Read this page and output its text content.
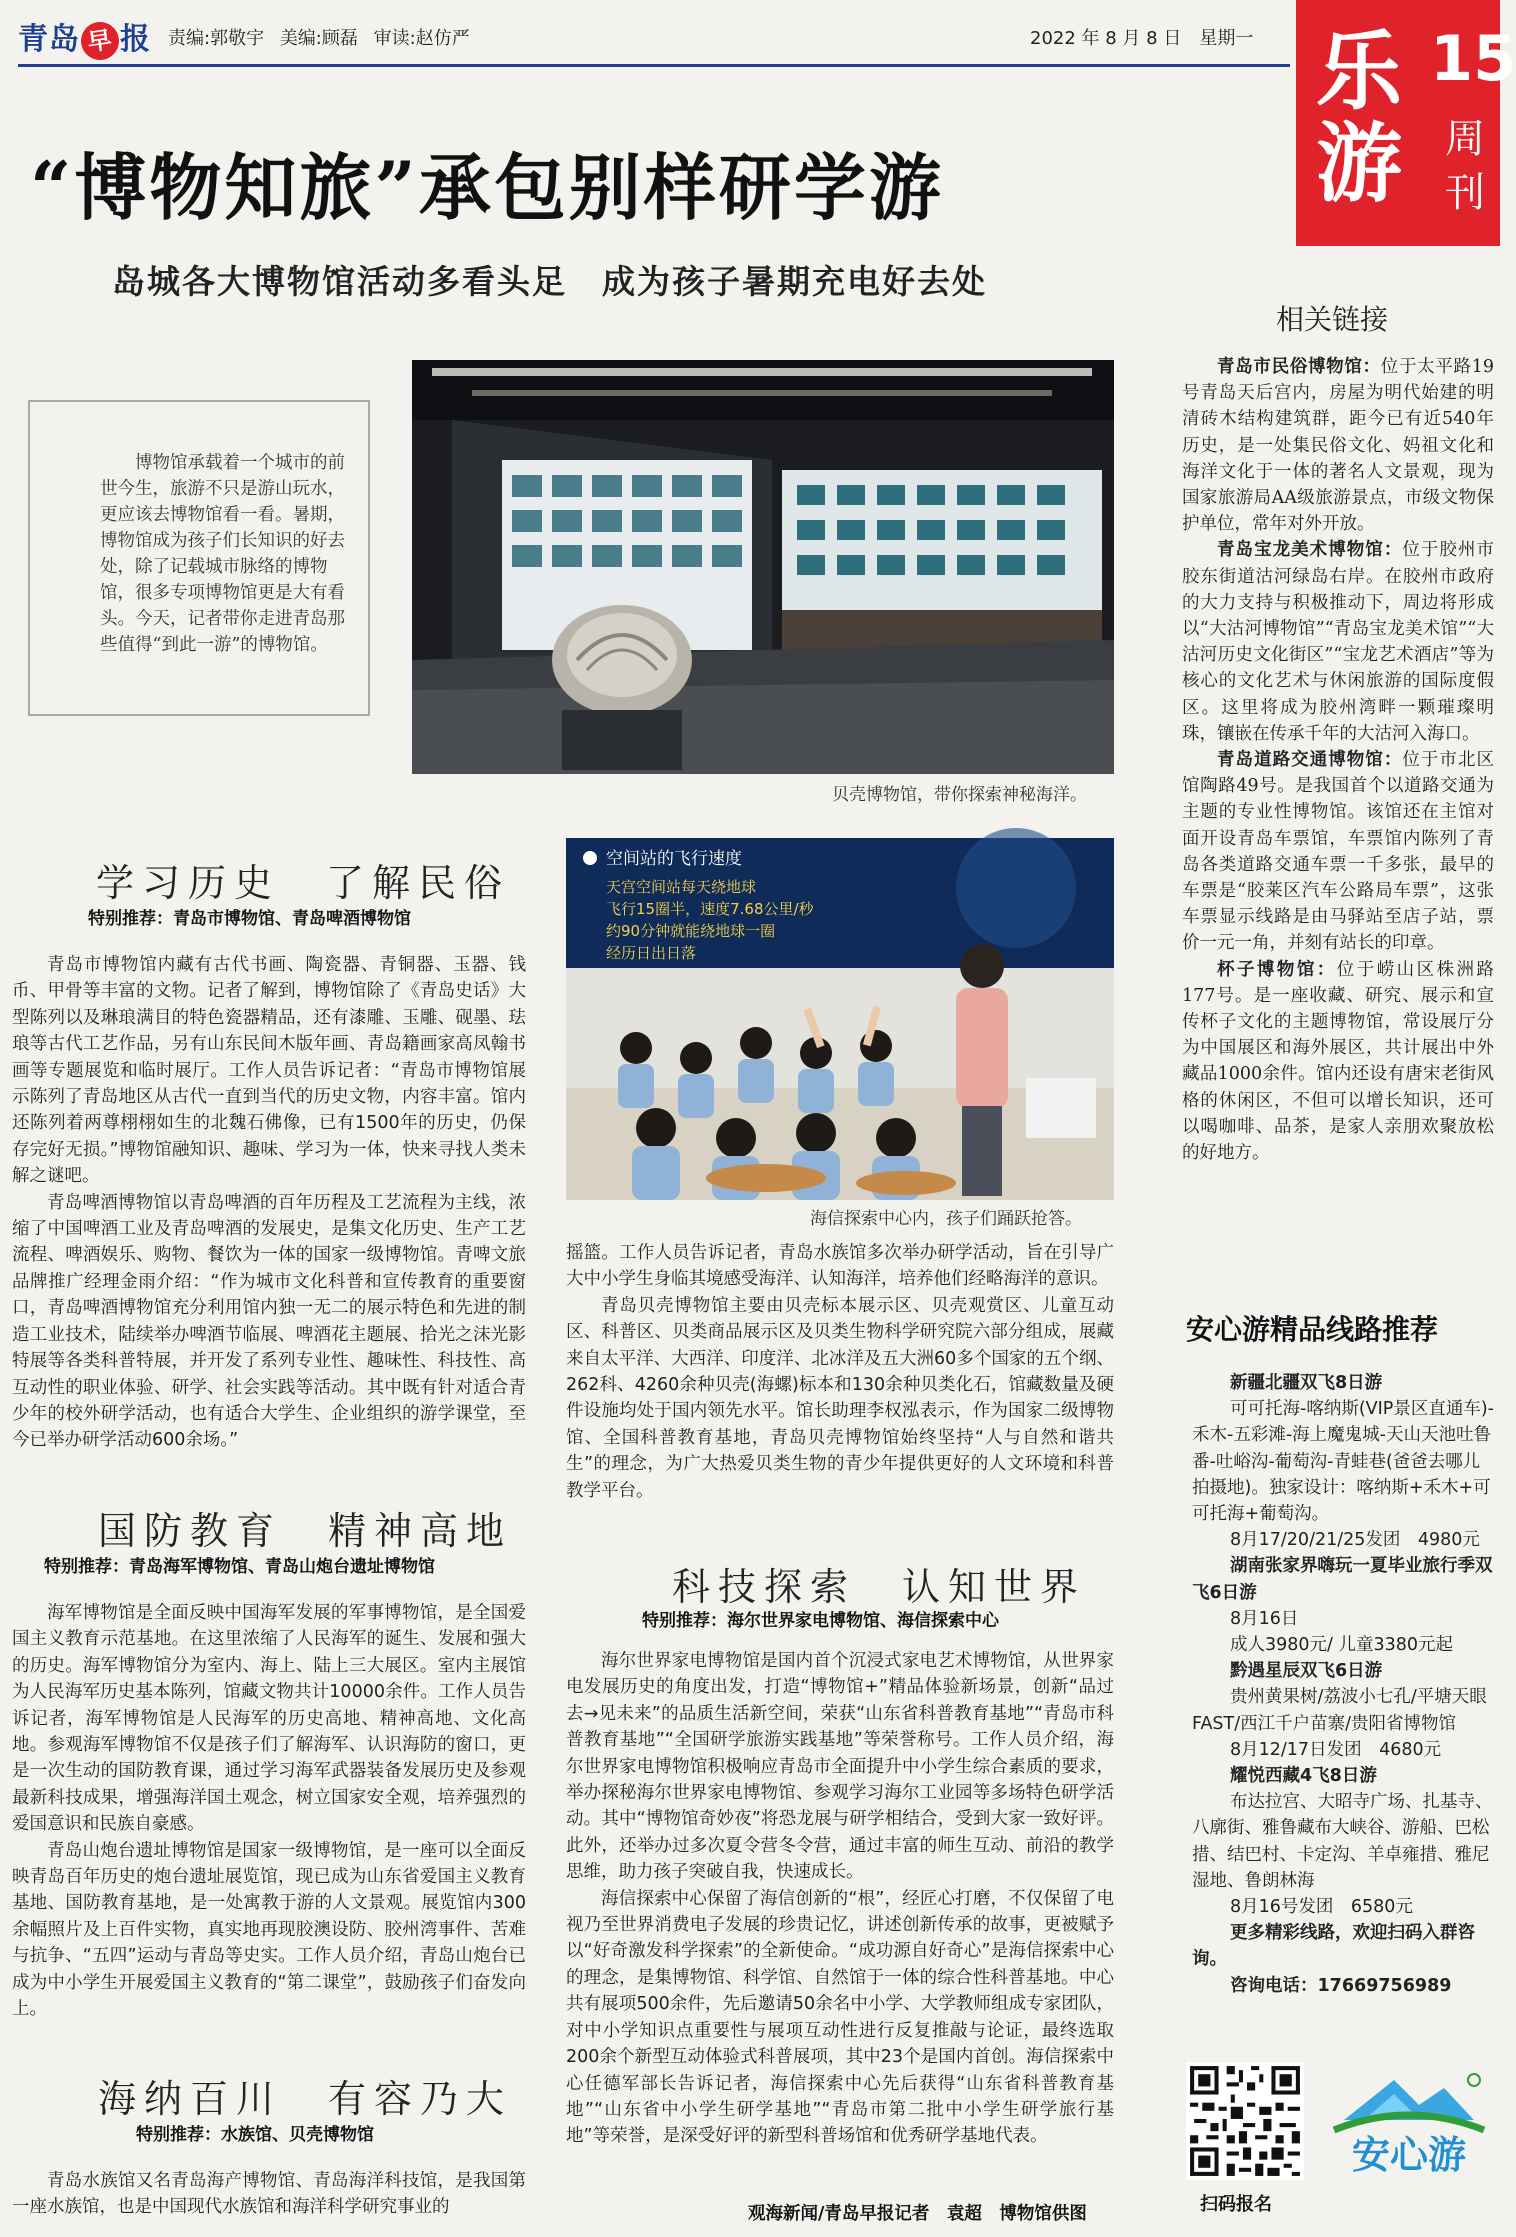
青岛 早 报 责编:郭敬宇 美编:顾磊 审读:赵仿严	2022 年 8 月 8 日　星期一 乐游
15
周刊
“博物知旅”承包别样研学游
岛城各大博物馆活动多看头足　成为孩子暑期充电好去处

博物馆承载着一个城市的前世今生，旅游不只是游山玩水，更应该去博物馆看一看。暑期，博物馆成为孩子们长知识的好去处，除了记载城市脉络的博物馆，很多专项博物馆更是大有看头。今天，记者带你走进青岛那些值得“到此一游”的博物馆。

贝壳博物馆，带你探索神秘海洋。
空间站的飞行速度
天宫空间站每天绕地球
飞行15圈半，速度7.68公里/秒
约90分钟就能绕地球一圈
经历日出日落
海信探索中心内，孩子们踊跃抢答。
学习历史　了解民俗
特别推荐：青岛市博物馆、青岛啤酒博物馆

青岛市博物馆内藏有古代书画、陶瓷器、青铜器、玉器、钱币、甲骨等丰富的文物。记者了解到，博物馆除了《青岛史话》大型陈列以及琳琅满目的特色瓷器精品，还有漆雕、玉雕、砚墨、珐琅等古代工艺作品，另有山东民间木版年画、青岛籍画家高凤翰书画等专题展览和临时展厅。工作人员告诉记者：“青岛市博物馆展示陈列了青岛地区从古代一直到当代的历史文物，内容丰富。馆内还陈列着两尊栩栩如生的北魏石佛像，已有1500年的历史，仍保存完好无损。”博物馆融知识、趣味、学习为一体，快来寻找人类未解之谜吧。

青岛啤酒博物馆以青岛啤酒的百年历程及工艺流程为主线，浓缩了中国啤酒工业及青岛啤酒的发展史，是集文化历史、生产工艺流程、啤酒娱乐、购物、餐饮为一体的国家一级博物馆。青啤文旅品牌推广经理金雨介绍：“作为城市文化科普和宣传教育的重要窗口，青岛啤酒博物馆充分利用馆内独一无二的展示特色和先进的制造工业技术，陆续举办啤酒节临展、啤酒花主题展、拾光之沫光影特展等各类科普特展，并开发了系列专业性、趣味性、科技性、高互动性的职业体验、研学、社会实践等活动。其中既有针对适合青少年的校外研学活动，也有适合大学生、企业组织的游学课堂，至今已举办研学活动600余场。”

国防教育　精神高地
特别推荐：青岛海军博物馆、青岛山炮台遗址博物馆

海军博物馆是全面反映中国海军发展的军事博物馆，是全国爱国主义教育示范基地。在这里浓缩了人民海军的诞生、发展和强大的历史。海军博物馆分为室内、海上、陆上三大展区。室内主展馆为人民海军历史基本陈列，馆藏文物共计10000余件。工作人员告诉记者，海军博物馆是人民海军的历史高地、精神高地、文化高地。参观海军博物馆不仅是孩子们了解海军、认识海防的窗口，更是一次生动的国防教育课，通过学习海军武器装备发展历史及参观最新科技成果，增强海洋国土观念，树立国家安全观，培养强烈的爱国意识和民族自豪感。

青岛山炮台遗址博物馆是国家一级博物馆，是一座可以全面反映青岛百年历史的炮台遗址展览馆，现已成为山东省爱国主义教育基地、国防教育基地，是一处寓教于游的人文景观。展览馆内300余幅照片及上百件实物，真实地再现胶澳设防、胶州湾事件、苦难与抗争、“五四”运动与青岛等史实。工作人员介绍，青岛山炮台已成为中小学生开展爱国主义教育的“第二课堂”，鼓励孩子们奋发向上。

海纳百川　有容乃大
特别推荐：水族馆、贝壳博物馆

青岛水族馆又名青岛海产博物馆、青岛海洋科技馆，是我国第一座水族馆，也是中国现代水族馆和海洋科学研究事业的

摇篮。工作人员告诉记者，青岛水族馆多次举办研学活动，旨在引导广大中小学生身临其境感受海洋、认知海洋，培养他们经略海洋的意识。

青岛贝壳博物馆主要由贝壳标本展示区、贝壳观赏区、儿童互动区、科普区、贝类商品展示区及贝类生物科学研究院六部分组成，展藏来自太平洋、大西洋、印度洋、北冰洋及五大洲60多个国家的五个纲、262科、4260余种贝壳(海螺)标本和130余种贝类化石，馆藏数量及硬件设施均处于国内领先水平。馆长助理李权泓表示，作为国家二级博物馆、全国科普教育基地，青岛贝壳博物馆始终坚持“人与自然和谐共生”的理念，为广大热爱贝类生物的青少年提供更好的人文环境和科普教学平台。

科技探索　认知世界
特别推荐：海尔世界家电博物馆、海信探索中心

海尔世界家电博物馆是国内首个沉浸式家电艺术博物馆，从世界家电发展历史的角度出发，打造“博物馆+”精品体验新场景，创新“品过去→见未来”的品质生活新空间，荣获“山东省科普教育基地”“青岛市科普教育基地”“全国研学旅游实践基地”等荣誉称号。工作人员介绍，海尔世界家电博物馆积极响应青岛市全面提升中小学生综合素质的要求，举办探秘海尔世界家电博物馆、参观学习海尔工业园等多场特色研学活动。其中“博物馆奇妙夜”将恐龙展与研学相结合，受到大家一致好评。此外，还举办过多次夏令营冬令营，通过丰富的师生互动、前沿的教学思维，助力孩子突破自我，快速成长。

海信探索中心保留了海信创新的“根”，经匠心打磨，不仅保留了电视乃至世界消费电子发展的珍贵记忆，讲述创新传承的故事，更被赋予以“好奇激发科学探索”的全新使命。“成功源自好奇心”是海信探索中心的理念，是集博物馆、科学馆、自然馆于一体的综合性科普基地。中心共有展项500余件，先后邀请50余名中小学、大学教师组成专家团队，对中小学知识点重要性与展项互动性进行反复推敲与论证，最终选取200余个新型互动体验式科普展项，其中23个是国内首创。海信探索中心任德军部长告诉记者，海信探索中心先后获得“山东省科普教育基地”“山东省中小学生研学基地”“青岛市第二批中小学生研学旅行基地”等荣誉，是深受好评的新型科普场馆和优秀研学基地代表。

观海新闻/青岛早报记者　袁超　博物馆供图
相关链接

青岛市民俗博物馆：位于太平路19号青岛天后宫内，房屋为明代始建的明清砖木结构建筑群，距今已有近540年历史，是一处集民俗文化、妈祖文化和海洋文化于一体的著名人文景观，现为国家旅游局AA级旅游景点，市级文物保护单位，常年对外开放。

青岛宝龙美术博物馆：位于胶州市胶东街道沽河绿岛右岸。在胶州市政府的大力支持与积极推动下，周边将形成以“大沽河博物馆”“青岛宝龙美术馆”“大沽河历史文化街区”“宝龙艺术酒店”等为核心的文化艺术与休闲旅游的国际度假区。这里将成为胶州湾畔一颗璀璨明珠，镶嵌在传承千年的大沽河入海口。

青岛道路交通博物馆：位于市北区馆陶路49号。是我国首个以道路交通为主题的专业性博物馆。该馆还在主馆对面开设青岛车票馆，车票馆内陈列了青岛各类道路交通车票一千多张，最早的车票是“胶莱区汽车公路局车票”，这张车票显示线路是由马驿站至店子站，票价一元一角，并刻有站长的印章。

杯子博物馆：位于崂山区株洲路177号。是一座收藏、研究、展示和宣传杯子文化的主题博物馆，常设展厅分为中国展区和海外展区，共计展出中外藏品1000余件。馆内还设有唐宋老街风格的休闲区，不但可以增长知识，还可以喝咖啡、品茶，是家人亲朋欢聚放松的好地方。

安心游精品线路推荐
新疆北疆双飞8日游
可可托海-喀纳斯(VIP景区直通车)-禾木-五彩滩-海上魔鬼城-天山天池吐鲁番-吐峪沟-葡萄沟-青蛙巷(爸爸去哪儿拍摄地)。独家设计：喀纳斯+禾木+可可托海+葡萄沟。
8月17/20/21/25发团　4980元
湖南张家界嗨玩一夏毕业旅行季双飞6日游
8月16日
成人3980元/ 儿童3380元起
黔遇星辰双飞6日游
贵州黄果树/荔波小七孔/平塘天眼FAST/西江千户苗寨/贵阳省博物馆
8月12/17日发团　4680元
耀悦西藏4飞8日游
布达拉宫、大昭寺广场、扎基寺、八廓街、雅鲁藏布大峡谷、游船、巴松措、结巴村、卡定沟、羊卓雍措、雅尼湿地、鲁朗林海
8月16号发团　6580元
更多精彩线路，欢迎扫码入群咨询。
咨询电话：17669756989
扫码报名
安心游
